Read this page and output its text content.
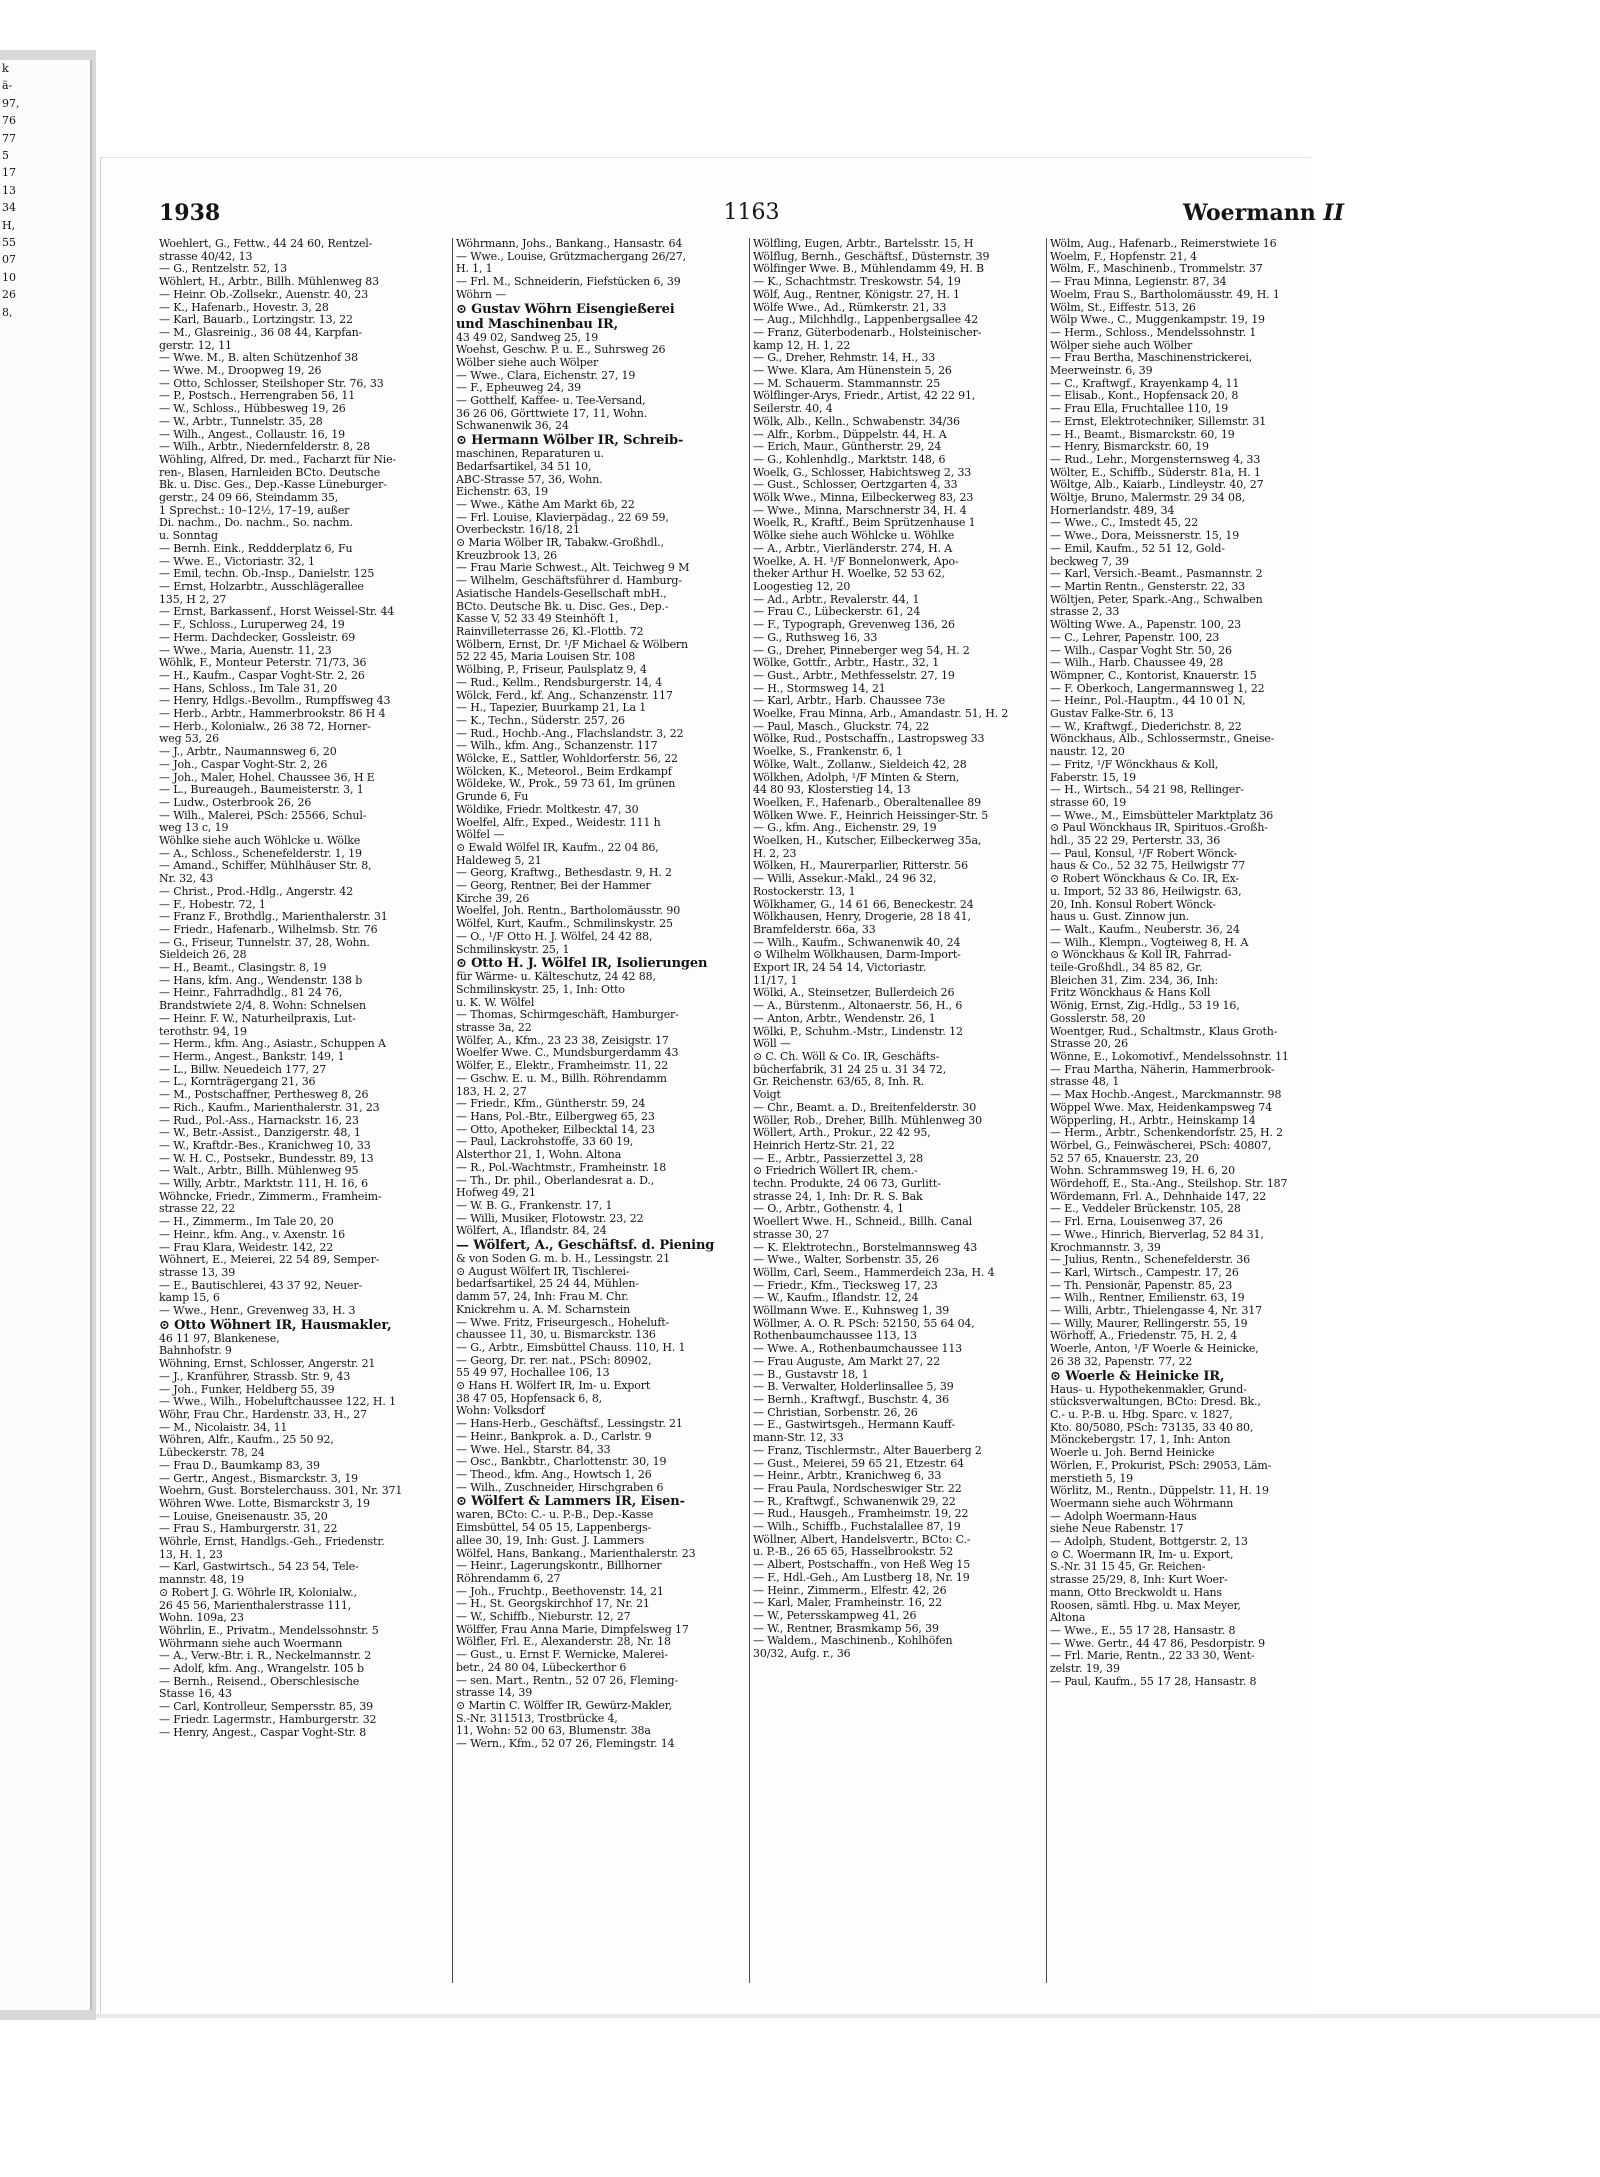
k
ä-
97,
76
77
5
17
13
34
H,
55
07
10
26
8,
1938	1163	Woermann II
Woehlert, G., Fettw., 44 24 60, Rentzel-
strasse 40/42, 13
— G., Rentzelstr. 52, 13
Wöhlert, H., Arbtr., Billh. Mühlenweg 83
— Heinr. Ob.-Zollsekr., Auenstr. 40, 23
— K., Hafenarb., Hovestr. 3, 28
— Karl, Bauarb., Lortzingstr. 13, 22
— M., Glasreinig., 36 08 44, Karpfan-
gerstr. 12, 11
— Wwe. M., B. alten Schützenhof 38
— Wwe. M., Droopweg 19, 26
— Otto, Schlosser, Steilshoper Str. 76, 33
— P., Postsch., Herrengraben 56, 11
— W., Schloss., Hübbesweg 19, 26
— W., Arbtr., Tunnelstr. 35, 28
— Wilh., Angest., Collaustr. 16, 19
— Wilh., Arbtr., Niedernfelderstr. 8, 28
Wöhling, Alfred, Dr. med., Facharzt für Nie-
ren-, Blasen, Harnleiden BCto. Deutsche
Bk. u. Disc. Ges., Dep.-Kasse Lüneburger-
gerstr., 24 09 66, Steindamm 35,
1 Sprechst.: 10–12½, 17–19, außer
Di. nachm., Do. nachm., So. nachm.
u. Sonntag
— Bernh. Eink., Reddderplatz 6, Fu
— Wwe. E., Victoriastr. 32, 1
— Emil, techn. Ob.-Insp., Danielstr. 125
— Ernst, Holzarbtr., Ausschlägerallee
135, H 2, 27
— Ernst, Barkassenf., Horst Weissel-Str. 44
— F., Schloss., Luruperweg 24, 19
— Herm. Dachdecker, Gossleistr. 69
— Wwe., Maria, Auenstr. 11, 23
Wöhlk, F., Monteur Peterstr. 71/73, 36
— H., Kaufm., Caspar Voght-Str. 2, 26
— Hans, Schloss., Im Tale 31, 20
— Henry, Hdlgs.-Bevollm., Rumpffsweg 43
— Herb., Arbtr., Hammerbrookstr. 86 H 4
— Herb., Kolonialw., 26 38 72, Horner-
weg 53, 26
— J., Arbtr., Naumannsweg 6, 20
— Joh., Caspar Voght-Str. 2, 26
— Joh., Maler, Hohel. Chaussee 36, H E
— L., Bureaugeh., Baumeisterstr. 3, 1
— Ludw., Osterbrook 26, 26
— Wilh., Malerei, PSch: 25566, Schul-
weg 13 c, 19
Wöhlke siehe auch Wöhlcke u. Wölke
— A., Schloss., Schenefelderstr. 1, 19
— Amand., Schiffer, Mühlhäuser Str. 8,
Nr. 32, 43
— Christ., Prod.-Hdlg., Angerstr. 42
— F., Hobestr. 72, 1
— Franz F., Brothdlg., Marienthalerstr. 31
— Friedr., Hafenarb., Wilhelmsb. Str. 76
— G., Friseur, Tunnelstr. 37, 28, Wohn.
Sieldeich 26, 28
— H., Beamt., Clasingstr. 8, 19
— Hans, kfm. Ang., Wendenstr. 138 b
— Heinr., Fahrradhdlg., 81 24 76,
Brandstwiete 2/4, 8. Wohn: Schnelsen
— Heinr. F. W., Naturheilpraxis, Lut-
terothstr. 94, 19
— Herm., kfm. Ang., Asiastr., Schuppen A
— Herm., Angest., Bankstr. 149, 1
— L., Billw. Neuedeich 177, 27
— L., Kornträgergang 21, 36
— M., Postschaffner, Perthesweg 8, 26
— Rich., Kaufm., Marienthalerstr. 31, 23
— Rud., Pol.-Ass., Harnackstr. 16, 23
— W., Betr.-Assist., Danzigerstr. 48, 1
— W., Kraftdr.-Bes., Kranichweg 10, 33
— W. H. C., Postsekr., Bundesstr. 89, 13
— Walt., Arbtr., Billh. Mühlenweg 95
— Willy, Arbtr., Marktstr. 111, H. 16, 6
Wöhncke, Friedr., Zimmerm., Framheim-
strasse 22, 22
— H., Zimmerm., Im Tale 20, 20
— Heinr., kfm. Ang., v. Axenstr. 16
— Frau Klara, Weidestr. 142, 22
Wöhnert, E., Meierei, 22 54 89, Semper-
strasse 13, 39
— E., Bautischlerei, 43 37 92, Neuer-
kamp 15, 6
— Wwe., Henr., Grevenweg 33, H. 3
⊙ Otto Wöhnert IR, Hausmakler,
46 11 97, Blankenese,
Bahnhofstr. 9
Wöhning, Ernst, Schlosser, Angerstr. 21
— J., Kranführer, Strassb. Str. 9, 43
— Joh., Funker, Heldberg 55, 39
— Wwe., Wilh., Hobeluftchaussee 122, H. 1
Wöhr, Frau Chr., Hardenstr. 33, H., 27
— M., Nicolaistr. 34, 11
Wöhren, Alfr., Kaufm., 25 50 92,
Lübeckerstr. 78, 24
— Frau D., Baumkamp 83, 39
— Gertr., Angest., Bismarckstr. 3, 19
Woehrn, Gust. Borstelerchauss. 301, Nr. 371
Wöhren Wwe. Lotte, Bismarckstr 3, 19
— Louise, Gneisenaustr. 35, 20
— Frau S., Hamburgerstr. 31, 22
Wöhrle, Ernst, Handlgs.-Geh., Friedenstr.
13, H. 1, 23
— Karl, Gastwirtsch., 54 23 54, Tele-
mannstr. 48, 19
⊙ Robert J. G. Wöhrle IR, Kolonialw.,
26 45 56, Marienthalerstrasse 111,
Wohn. 109a, 23
Wöhrlin, E., Privatm., Mendelssohnstr. 5
Wöhrmann siehe auch Woermann
— A., Verw.-Btr. i. R., Neckelmannstr. 2
— Adolf, kfm. Ang., Wrangelstr. 105 b
— Bernh., Reisend., Oberschlesische
Stasse 16, 43
— Carl, Kontrolleur, Sempersstr. 85, 39
— Friedr. Lagermstr., Hamburgerstr. 32
— Henry, Angest., Caspar Voght-Str. 8
Wöhrmann, Johs., Bankang., Hansastr. 64
— Wwe., Louise, Grützmachergang 26/27,
H. 1, 1
— Frl. M., Schneiderin, Fiefstücken 6, 39
Wöhrn —
⊙ Gustav Wöhrn Eisengießerei
und Maschinenbau IR,
43 49 02, Sandweg 25, 19
Woehst, Geschw. P. u. E., Suhrsweg 26
Wölber siehe auch Wölper
— Wwe., Clara, Eichenstr. 27, 19
— F., Epheuweg 24, 39
— Gotthelf, Kaffee- u. Tee-Versand,
36 26 06, Görttwiete 17, 11, Wohn.
Schwanenwik 36, 24
⊙ Hermann Wölber IR, Schreib-
maschinen, Reparaturen u.
Bedarfsartikel, 34 51 10,
ABC-Strasse 57, 36, Wohn.
Eichenstr. 63, 19
— Wwe., Käthe Am Markt 6b, 22
— Frl. Louise, Klavierpädag., 22 69 59,
Overbeckstr. 16/18, 21
⊙ Maria Wölber IR, Tabakw.-Großhdl.,
Kreuzbrook 13, 26
— Frau Marie Schwest., Alt. Teichweg 9 M
— Wilhelm, Geschäftsführer d. Hamburg-
Asiatische Handels-Gesellschaft mbH.,
BCto. Deutsche Bk. u. Disc. Ges., Dep.-
Kasse V, 52 33 49 Steinhöft 1,
Rainvilleterrasse 26, Kl.-Flottb. 72
Wölbern, Ernst, Dr. ¹/F Michael & Wölbern
52 22 45, Maria Louisen Str. 108
Wölbing, P., Friseur, Paulsplatz 9, 4
— Rud., Kellm., Rendsburgerstr. 14, 4
Wölck, Ferd., kf. Ang., Schanzenstr. 117
— H., Tapezier, Buurkamp 21, La 1
— K., Techn., Süderstr. 257, 26
— Rud., Hochb.-Ang., Flachslandstr. 3, 22
— Wilh., kfm. Ang., Schanzenstr. 117
Wölcke, E., Sattler, Wohldorferstr. 56, 22
Wölcken, K., Meteorol., Beim Erdkampf
Wöldeke, W., Prok., 59 73 61, Im grünen
Grunde 6, Fu
Wöldike, Friedr. Moltkestr. 47, 30
Woelfel, Alfr., Exped., Weidestr. 111 h
Wölfel —
⊙ Ewald Wölfel IR, Kaufm., 22 04 86,
Haldeweg 5, 21
— Georg, Kraftwg., Bethesdastr. 9, H. 2
— Georg, Rentner, Bei der Hammer
Kirche 39, 26
Woelfel, Joh. Rentn., Bartholomäusstr. 90
Wölfel, Kurt, Kaufm., Schmilinskystr. 25
— O., ¹/F Otto H. J. Wölfel, 24 42 88,
Schmilinskystr. 25, 1
⊙ Otto H. J. Wölfel IR, Isolierungen
für Wärme- u. Kälteschutz, 24 42 88,
Schmilinskystr. 25, 1, Inh: Otto
u. K. W. Wölfel
— Thomas, Schirmgeschäft, Hamburger-
strasse 3a, 22
Wölfer, A., Kfm., 23 23 38, Zeisigstr. 17
Woelfer Wwe. C., Mundsburgerdamm 43
Wölfer, E., Elektr., Framheimstr. 11, 22
— Gschw. E. u. M., Billh. Röhrendamm
183, H. 2, 27
— Friedr., Kfm., Güntherstr. 59, 24
— Hans, Pol.-Btr., Eilbergweg 65, 23
— Otto, Apotheker, Eilbecktal 14, 23
— Paul, Lackrohstoffe, 33 60 19,
Alsterthor 21, 1, Wohn. Altona
— R., Pol.-Wachtmstr., Framheinstr. 18
— Th., Dr. phil., Oberlandesrat a. D.,
Hofweg 49, 21
— W. B. G., Frankenstr. 17, 1
— Willi, Musiker, Flotowstr. 23, 22
Wölfert, A., Iflandstr. 84, 24
— Wölfert, A., Geschäftsf. d. Piening
& von Soden G. m. b. H., Lessingstr. 21
⊙ August Wölfert IR, Tischlerei-
bedarfsartikel, 25 24 44, Mühlen-
damm 57, 24, Inh: Frau M. Chr.
Knickrehm u. A. M. Scharnstein
— Wwe. Fritz, Friseurgesch., Hoheluft-
chaussee 11, 30, u. Bismarckstr. 136
— G., Arbtr., Eimsbüttel Chauss. 110, H. 1
— Georg, Dr. rer. nat., PSch: 80902,
55 49 97, Hochallee 106, 13
⊙ Hans H. Wölfert IR, Im- u. Export
38 47 05, Hopfensack 6, 8,
Wohn: Volksdorf
— Hans-Herb., Geschäftsf., Lessingstr. 21
— Heinr., Bankprok. a. D., Carlstr. 9
— Wwe. Hel., Starstr. 84, 33
— Osc., Bankbtr., Charlottenstr. 30, 19
— Theod., kfm. Ang., Howtsch 1, 26
— Wilh., Zuschneider, Hirschgraben 6
⊙ Wölfert & Lammers IR, Eisen-
waren, BCto: C.- u. P.-B., Dep.-Kasse
Eimsbüttel, 54 05 15, Lappenbergs-
allee 30, 19, Inh: Gust. J. Lammers
Wölfel, Hans, Bankang., Marienthalerstr. 23
— Heinr., Lagerungskontr., Billhorner
Röhrendamm 6, 27
— Joh., Fruchtp., Beethovenstr. 14, 21
— H., St. Georgskirchhof 17, Nr. 21
— W., Schiffb., Nieburstr. 12, 27
Wölffer, Frau Anna Marie, Dimpfelsweg 17
Wölfler, Frl. E., Alexanderstr. 28, Nr. 18
— Gust., u. Ernst F. Wernicke, Malerei-
betr., 24 80 04, Lübeckerthor 6
— sen. Mart., Rentn., 52 07 26, Fleming-
strasse 14, 39
⊙ Martin C. Wölffer IR, Gewürz-Makler,
S.-Nr. 311513, Trostbrücke 4,
11, Wohn: 52 00 63, Blumenstr. 38a
— Wern., Kfm., 52 07 26, Flemingstr. 14
Wölfling, Eugen, Arbtr., Bartelsstr. 15, H
Wölflug, Bernh., Geschäftsf., Düsternstr. 39
Wölfinger Wwe. B., Mühlendamm 49, H. B
— K., Schachtmstr. Treskowstr. 54, 19
Wölf, Aug., Rentner, Königstr. 27, H. 1
Wölfe Wwe., Ad., Rümkerstr. 21, 33
— Aug., Milchhdlg., Lappenbergsallee 42
— Franz, Güterbodenarb., Holsteinischer-
kamp 12, H. 1, 22
— G., Dreher, Rehmstr. 14, H., 33
— Wwe. Klara, Am Hünenstein 5, 26
— M. Schauerm. Stammannstr. 25
Wölflinger-Arys, Friedr., Artist, 42 22 91,
Seilerstr. 40, 4
Wölk, Alb., Kelln., Schwabenstr. 34/36
— Alfr., Korbm., Düppelstr. 44, H. A
— Erich, Maur., Güntherstr. 29, 24
— G., Kohlenhdlg., Marktstr. 148, 6
Woelk, G., Schlosser, Habichtsweg 2, 33
— Gust., Schlosser, Oertzgarten 4, 33
Wölk Wwe., Minna, Eilbeckerweg 83, 23
— Wwe., Minna, Marschnerstr 34, H. 4
Woelk, R., Kraftf., Beim Sprützenhause 1
Wölke siehe auch Wöhlcke u. Wöhlke
— A., Arbtr., Vierländerstr. 274, H. A
Woelke, A. H. ¹/F Bonnelonwerk, Apo-
theker Arthur H. Woelke, 52 53 62,
Loogestieg 12, 20
— Ad., Arbtr., Revalerstr. 44, 1
— Frau C., Lübeckerstr. 61, 24
— F., Typograph, Grevenweg 136, 26
— G., Ruthsweg 16, 33
— G., Dreher, Pinneberger weg 54, H. 2
Wölke, Gottfr., Arbtr., Hastr., 32, 1
— Gust., Arbtr., Methfesselstr. 27, 19
— H., Stormsweg 14, 21
— Karl, Arbtr., Harb. Chaussee 73e
Woelke, Frau Minna, Arb., Amandastr. 51, H. 2
— Paul, Masch., Gluckstr. 74, 22
Wölke, Rud., Postschaffn., Lastropsweg 33
Woelke, S., Frankenstr. 6, 1
Wölke, Walt., Zollanw., Sieldeich 42, 28
Wölkhen, Adolph, ¹/F Minten & Stern,
44 80 93, Klosterstieg 14, 13
Woelken, F., Hafenarb., Oberaltenallee 89
Wölken Wwe. F., Heinrich Heissinger-Str. 5
— G., kfm. Ang., Eichenstr. 29, 19
Woelken, H., Kutscher, Eilbeckerweg 35a,
H. 2, 23
Wölken, H., Maurerparlier, Ritterstr. 56
— Willi, Assekur.-Makl., 24 96 32,
Rostockerstr. 13, 1
Wölkhamer, G., 14 61 66, Beneckestr. 24
Wölkhausen, Henry, Drogerie, 28 18 41,
Bramfelderstr. 66a, 33
— Wilh., Kaufm., Schwanenwik 40, 24
⊙ Wilhelm Wölkhausen, Darm-Import-
Export IR, 24 54 14, Victoriastr.
11/17, 1
Wölki, A., Steinsetzer, Bullerdeich 26
— A., Bürstenm., Altonaerstr. 56, H., 6
— Anton, Arbtr., Wendenstr. 26, 1
Wölki, P., Schuhm.-Mstr., Lindenstr. 12
Wöll —
⊙ C. Ch. Wöll & Co. IR, Geschäfts-
bücherfabrik, 31 24 25 u. 31 34 72,
Gr. Reichenstr. 63/65, 8, Inh. R.
Voigt
— Chr., Beamt. a. D., Breitenfelderstr. 30
Wöller, Rob., Dreher, Billh. Mühlenweg 30
Wöllert, Arth., Prokur., 22 42 95,
Heinrich Hertz-Str. 21, 22
— E., Arbtr., Passierzettel 3, 28
⊙ Friedrich Wöllert IR, chem.-
techn. Produkte, 24 06 73, Gurlitt-
strasse 24, 1, Inh: Dr. R. S. Bak
— O., Arbtr., Gothenstr. 4, 1
Woellert Wwe. H., Schneid., Billh. Canal
strasse 30, 27
— K. Elektrotechn., Borstelmannsweg 43
— Wwe., Walter, Sorbenstr. 35, 26
Wöllm, Carl, Seem., Hammerdeich 23a, H. 4
— Friedr., Kfm., Tiecksweg 17, 23
— W., Kaufm., Iflandstr. 12, 24
Wöllmann Wwe. E., Kuhnsweg 1, 39
Wöllmer, A. O. R. PSch: 52150, 55 64 04,
Rothenbaumchaussee 113, 13
— Wwe. A., Rothenbaumchaussee 113
— Frau Auguste, Am Markt 27, 22
— B., Gustavstr 18, 1
— B. Verwalter, Holderlinsallee 5, 39
— Bernh., Kraftwgf., Buschstr. 4, 36
— Christian, Sorbenstr. 26, 26
— E., Gastwirtsgeh., Hermann Kauff-
mann-Str. 12, 33
— Franz, Tischlermstr., Alter Bauerberg 2
— Gust., Meierei, 59 65 21, Etzestr. 64
— Heinr., Arbtr., Kranichweg 6, 33
— Frau Paula, Nordscheswiger Str. 22
— R., Kraftwgf., Schwanenwik 29, 22
— Rud., Hausgeh., Framheimstr. 19, 22
— Wilh., Schiffb., Fuchstalallee 87, 19
Wöllner, Albert, Handelsvertr., BCto: C.-
u. P.-B., 26 65 65, Hasselbrookstr. 52
— Albert, Postschaffn., von Heß Weg 15
— F., Hdl.-Geh., Am Lustberg 18, Nr. 19
— Heinr., Zimmerm., Elfestr. 42, 26
— Karl, Maler, Framheinstr. 16, 22
— W., Petersskampweg 41, 26
— W., Rentner, Brasmkamp 56, 39
— Waldem., Maschinenb., Kohlhöfen
30/32, Aufg. r., 36
Wölm, Aug., Hafenarb., Reimerstwiete 16
Woelm, F., Hopfenstr. 21, 4
Wölm, F., Maschinenb., Trommelstr. 37
— Frau Minna, Legienstr. 87, 34
Woelm, Frau S., Bartholomäusstr. 49, H. 1
Wölm, St., Eiffestr. 513, 26
Wölp Wwe., C., Muggenkampstr. 19, 19
— Herm., Schloss., Mendelssohnstr. 1
Wölper siehe auch Wölber
— Frau Bertha, Maschinenstrickerei,
Meerweinstr. 6, 39
— C., Kraftwgf., Krayenkamp 4, 11
— Elisab., Kont., Hopfensack 20, 8
— Frau Ella, Fruchtallee 110, 19
— Ernst, Elektrotechniker, Sillemstr. 31
— H., Beamt., Bismarckstr. 60, 19
— Henry, Bismarckstr. 60, 19
— Rud., Lehr., Morgensternsweg 4, 33
Wölter, E., Schiffb., Süderstr. 81a, H. 1
Wöltge, Alb., Kaiarb., Lindleystr. 40, 27
Wöltje, Bruno, Malermstr. 29 34 08,
Hornerlandstr. 489, 34
— Wwe., C., Imstedt 45, 22
— Wwe., Dora, Meissnerstr. 15, 19
— Emil, Kaufm., 52 51 12, Gold-
beckweg 7, 39
— Karl, Versich.-Beamt., Pasmannstr. 2
— Martin Rentn., Gensterstr. 22, 33
Wöltjen, Peter, Spark.-Ang., Schwalben
strasse 2, 33
Wölting Wwe. A., Papenstr. 100, 23
— C., Lehrer, Papenstr. 100, 23
— Wilh., Caspar Voght Str. 50, 26
— Wilh., Harb. Chaussee 49, 28
Wömpner, C., Kontorist, Knauerstr. 15
— F. Oberkoch, Langermannsweg 1, 22
— Heinr., Pol.-Hauptm., 44 10 01 N,
Gustav Falke-Str. 6, 13
— W., Kraftwgf., Diederichstr. 8, 22
Wönckhaus, Alb., Schlossermstr., Gneise-
naustr. 12, 20
— Fritz, ¹/F Wönckhaus & Koll,
Faberstr. 15, 19
— H., Wirtsch., 54 21 98, Rellinger-
strasse 60, 19
— Wwe., M., Eimsbütteler Marktplatz 36
⊙ Paul Wönckhaus IR, Spirituos.-Großh-
hdl., 35 22 29, Perterstr. 33, 36
— Paul, Konsul, ¹/F Robert Wönck-
haus & Co., 52 32 75, Heilwigstr 77
⊙ Robert Wönckhaus & Co. IR, Ex-
u. Import, 52 33 86, Heilwigstr. 63,
20, Inh. Konsul Robert Wönck-
haus u. Gust. Zinnow jun.
— Walt., Kaufm., Neuberstr. 36, 24
— Wilh., Klempn., Vogteiweg 8, H. A
⊙ Wönckhaus & Koll IR, Fahrrad-
teile-Großhdl., 34 85 82, Gr.
Bleichen 31, Zim. 234, 36, Inh:
Fritz Wönckhaus & Hans Koll
Wönig, Ernst, Zig.-Hdlg., 53 19 16,
Gosslerstr. 58, 20
Woentger, Rud., Schaltmstr., Klaus Groth-
Strasse 20, 26
Wönne, E., Lokomotivf., Mendelssohnstr. 11
— Frau Martha, Näherin, Hammerbrook-
strasse 48, 1
— Max Hochb.-Angest., Marckmannstr. 98
Wöppel Wwe. Max, Heidenkampsweg 74
Wöpperling, H., Arbtr., Heinskamp 14
— Herm., Arbtr., Schenkendorfstr. 25, H. 2
Wörbel, G., Feinwäscherei, PSch: 40807,
52 57 65, Knauerstr. 23, 20
Wohn. Schrammsweg 19, H. 6, 20
Wördehoff, E., Sta.-Ang., Steilshop. Str. 187
Wördemann, Frl. A., Dehnhaide 147, 22
— E., Veddeler Brückenstr. 105, 28
— Frl. Erna, Louisenweg 37, 26
— Wwe., Hinrich, Bierverlag, 52 84 31,
Krochmannstr. 3, 39
— Julius, Rentn., Schenefelderstr. 36
— Karl, Wirtsch., Campestr. 17, 26
— Th. Pensionär, Papenstr. 85, 23
— Wilh., Rentner, Emilienstr. 63, 19
— Willi, Arbtr., Thielengasse 4, Nr. 317
— Willy, Maurer, Rellingerstr. 55, 19
Wörhoff, A., Friedenstr. 75, H. 2, 4
Woerle, Anton, ¹/F Woerle & Heinicke,
26 38 32, Papenstr. 77, 22
⊙ Woerle & Heinicke IR,
Haus- u. Hypothekenmakler, Grund-
stücksverwaltungen, BCto: Dresd. Bk.,
C.- u. P.-B. u. Hbg. Sparc. v. 1827,
Kto. 80/5080, PSch: 73135, 33 40 80,
Mönckebergstr. 17, 1, Inh: Anton
Woerle u. Joh. Bernd Heinicke
Wörlen, F., Prokurist, PSch: 29053, Läm-
merstieth 5, 19
Wörlitz, M., Rentn., Düppelstr. 11, H. 19
Woermann siehe auch Wöhrmann
— Adolph Woermann-Haus
siehe Neue Rabenstr. 17
— Adolph, Student, Bottgerstr. 2, 13
⊙ C. Woermann IR, Im- u. Export,
S.-Nr. 31 15 45, Gr. Reichen-
strasse 25/29, 8, Inh: Kurt Woer-
mann, Otto Breckwoldt u. Hans
Roosen, sämtl. Hbg. u. Max Meyer,
Altona
— Wwe., E., 55 17 28, Hansastr. 8
— Wwe. Gertr., 44 47 86, Pesdorpistr. 9
— Frl. Marie, Rentn., 22 33 30, Went-
zelstr. 19, 39
— Paul, Kaufm., 55 17 28, Hansastr. 8
